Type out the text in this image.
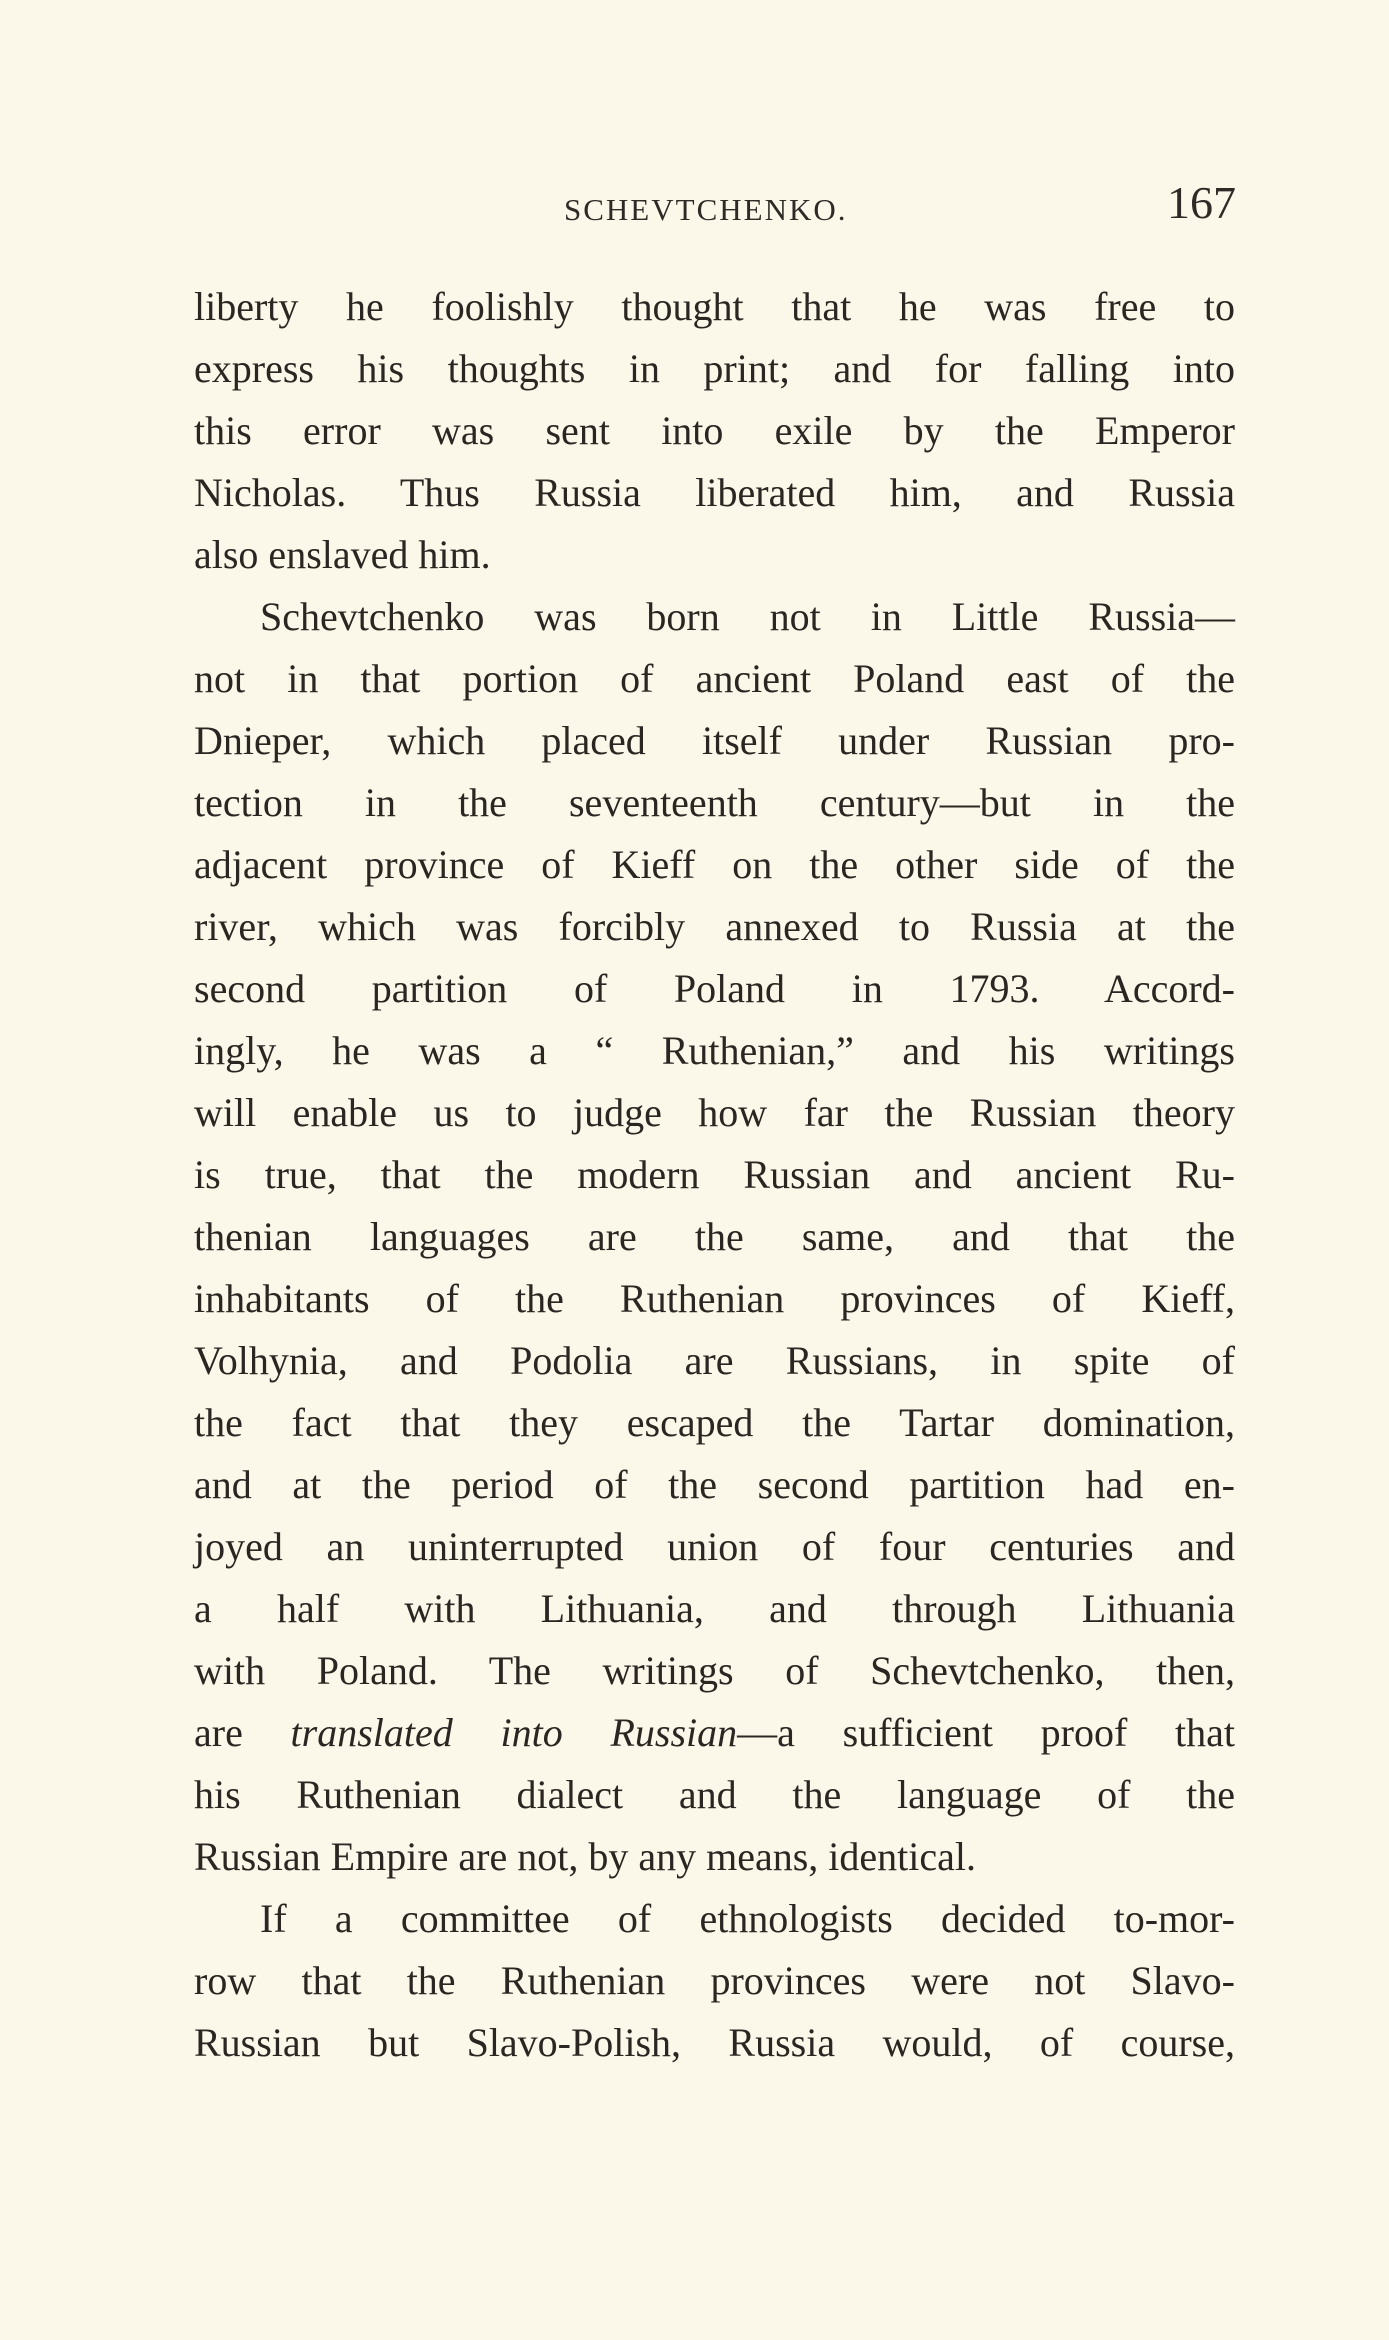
SCHEVTCHENKO.	167
liberty he foolishly thought that he was free to
express his thoughts in print; and for falling into
this error was sent into exile by the Emperor
Nicholas. Thus Russia liberated him, and Russia
also enslaved him.
Schevtchenko was born not in Little Russia—
not in that portion of ancient Poland east of the
Dnieper, which placed itself under Russian pro-
tection in the seventeenth century—but in the
adjacent province of Kieff on the other side of the
river, which was forcibly annexed to Russia at the
second partition of Poland in 1793. Accord-
ingly, he was a “ Ruthenian,” and his writings
will enable us to judge how far the Russian theory
is true, that the modern Russian and ancient Ru-
thenian languages are the same, and that the
inhabitants of the Ruthenian provinces of Kieff,
Volhynia, and Podolia are Russians, in spite of
the fact that they escaped the Tartar domination,
and at the period of the second partition had en-
joyed an uninterrupted union of four centuries and
a half with Lithuania, and through Lithuania
with Poland. The writings of Schevtchenko, then,
are translated into Russian—a sufficient proof that
his Ruthenian dialect and the language of the
Russian Empire are not, by any means, identical.
If a committee of ethnologists decided to-mor-
row that the Ruthenian provinces were not Slavo-
Russian but Slavo-Polish, Russia would, of course,
